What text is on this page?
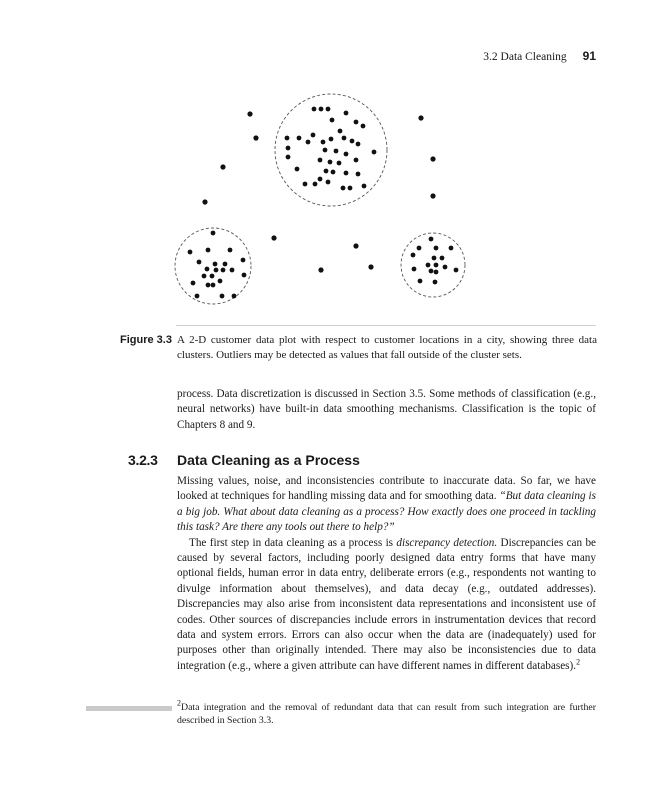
3.2 Data Cleaning 91
Figure 3.3 A 2-D customer data plot with respect to customer locations in a city, showing three data clusters. Outliers may be detected as values that fall outside of the cluster sets.

process. Data discretization is discussed in Section 3.5. Some methods of classification (e.g., neural networks) have built-in data smoothing mechanisms. Classification is the topic of Chapters 8 and 9.

3.2.3 Data Cleaning as a Process

Missing values, noise, and inconsistencies contribute to inaccurate data. So far, we have looked at techniques for handling missing data and for smoothing data. “But data cleaning is a big job. What about data cleaning as a process? How exactly does one proceed in tackling this task? Are there any tools out there to help?”

The first step in data cleaning as a process is discrepancy detection. Discrepancies can be caused by several factors, including poorly designed data entry forms that have many optional fields, human error in data entry, deliberate errors (e.g., respondents not wanting to divulge information about themselves), and data decay (e.g., outdated addresses). Discrepancies may also arise from inconsistent data representations and inconsistent use of codes. Other sources of discrepancies include errors in instrumentation devices that record data and system errors. Errors can also occur when the data are (inadequately) used for purposes other than originally intended. There may also be inconsistencies due to data integration (e.g., where a given attribute can have different names in different databases).$^2$

$^2$Data integration and the removal of redundant data that can result from such integration are further described in Section 3.3.
